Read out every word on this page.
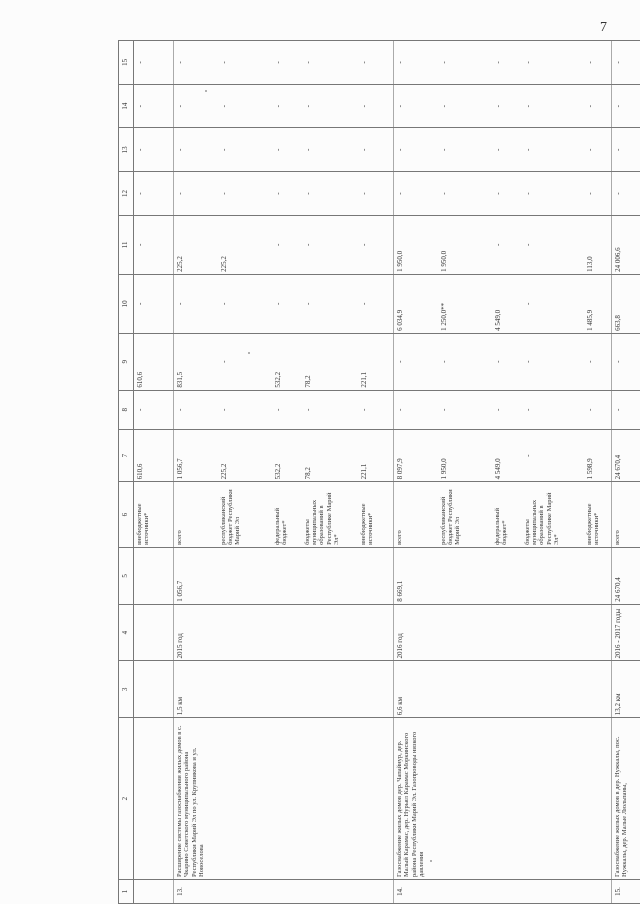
7
1	2	3	4	5	6	7	8	9	10	11	12	13	14	15
					внебюджетные источники*	610,6	-	610,6	-	-	-	-	-	-
13.	Расширение системы газоснабжения жилых домов в с. Чкарино Советского муниципального района Республики Марий Эл по ул. Крупникова и ул. Новоселова	1,5 км	2015 год	1 056,7	всего	1 056,7	-	831,5	-	225,2	-	-	-	-
					республиканский бюджет Республики Марий Эл	225,2	-	-	-	225,2	-	-	-	-
					федеральный бюджет*	532,2	-	532,2	-	-	-	-	-	-
					бюджеты муниципальных образований в Республике Марий Эл*	78,2	-	78,2	-	-	-	-	-	-
					внебюджетные источники*	221,1	-	221,1	-	-	-	-	-	-
14.	Газоснабжение жилых домов дер. Чапайнур, дер. Малый Карамас, дер. Нурьял Карамас Моркинского района Республики Марий Эл. Газопроводы низкого давления	6,6 км	2016 год	8 669,1	всего	8 097,9	-	-	6 034,9	1 950,0	-	-	-	-
					республиканский бюджет Республики Марий Эл	1 950,0	-	-	1 250,0**	1 950,0	-	-	-	-
					федеральный бюджет*	4 549,0	-	-	4 549,0	-	-	-	-	-
					бюджеты муниципальных образований в Республике Марий Эл*	-	-	-	-	-	-	-	-	-
					внебюджетные источники*	1 598,9	-	-	1 485,9	113,0	-	-	-	-
15.	Газоснабжение жилых домов в дер. Нужкалы, пос. Нужкалы, дер. Малые Люльпаны,	13,2 км	2016 - 2017 годы	24 670,4	всего	24 670,4	-	-	663,8	24 006,6	-	-	-	-
